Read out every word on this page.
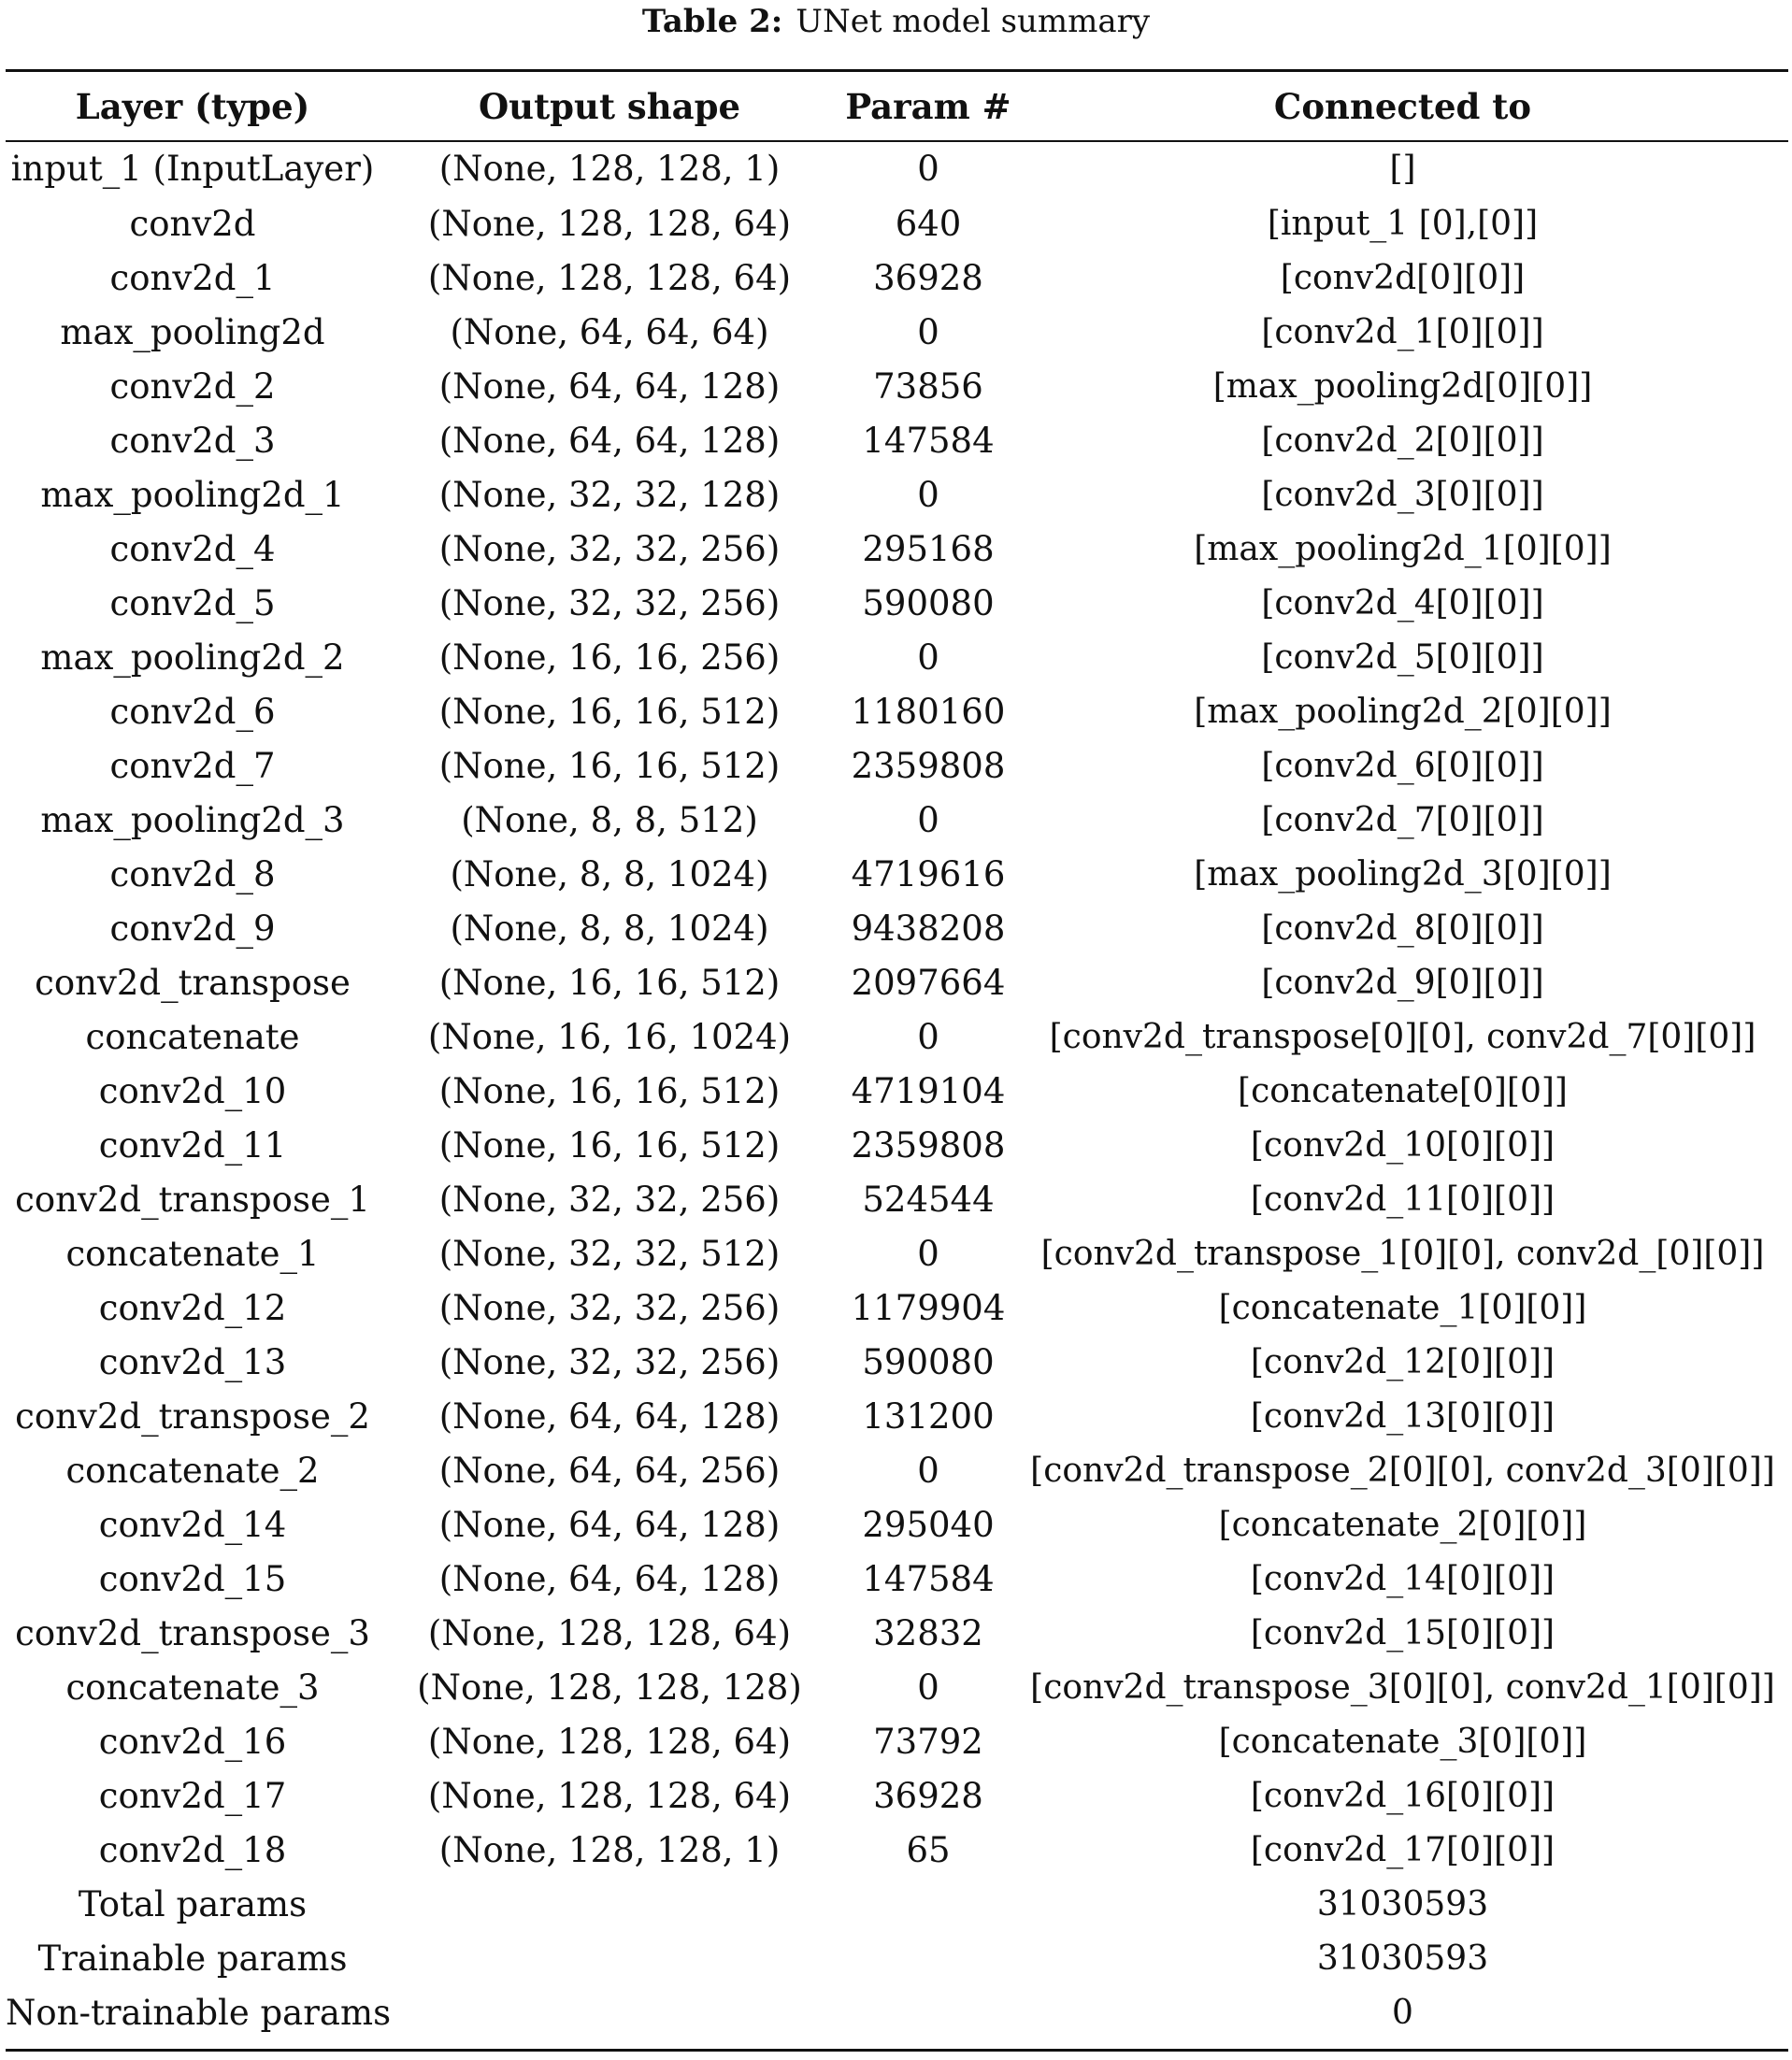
Table 2: UNet model summary
Layer (type)	Output shape	Param #	Connected to
input_1 (InputLayer)	(None, 128, 128, 1)	0	[]
conv2d	(None, 128, 128, 64)	640	[input_1 [0],[0]]
conv2d_1	(None, 128, 128, 64)	36928	[conv2d[0][0]]
max_pooling2d	(None, 64, 64, 64)	0	[conv2d_1[0][0]]
conv2d_2	(None, 64, 64, 128)	73856	[max_pooling2d[0][0]]
conv2d_3	(None, 64, 64, 128)	147584	[conv2d_2[0][0]]
max_pooling2d_1	(None, 32, 32, 128)	0	[conv2d_3[0][0]]
conv2d_4	(None, 32, 32, 256)	295168	[max_pooling2d_1[0][0]]
conv2d_5	(None, 32, 32, 256)	590080	[conv2d_4[0][0]]
max_pooling2d_2	(None, 16, 16, 256)	0	[conv2d_5[0][0]]
conv2d_6	(None, 16, 16, 512)	1180160	[max_pooling2d_2[0][0]]
conv2d_7	(None, 16, 16, 512)	2359808	[conv2d_6[0][0]]
max_pooling2d_3	(None, 8, 8, 512)	0	[conv2d_7[0][0]]
conv2d_8	(None, 8, 8, 1024)	4719616	[max_pooling2d_3[0][0]]
conv2d_9	(None, 8, 8, 1024)	9438208	[conv2d_8[0][0]]
conv2d_transpose	(None, 16, 16, 512)	2097664	[conv2d_9[0][0]]
concatenate	(None, 16, 16, 1024)	0	[conv2d_transpose[0][0], conv2d_7[0][0]]
conv2d_10	(None, 16, 16, 512)	4719104	[concatenate[0][0]]
conv2d_11	(None, 16, 16, 512)	2359808	[conv2d_10[0][0]]
conv2d_transpose_1	(None, 32, 32, 256)	524544	[conv2d_11[0][0]]
concatenate_1	(None, 32, 32, 512)	0	[conv2d_transpose_1[0][0], conv2d_[0][0]]
conv2d_12	(None, 32, 32, 256)	1179904	[concatenate_1[0][0]]
conv2d_13	(None, 32, 32, 256)	590080	[conv2d_12[0][0]]
conv2d_transpose_2	(None, 64, 64, 128)	131200	[conv2d_13[0][0]]
concatenate_2	(None, 64, 64, 256)	0	[conv2d_transpose_2[0][0], conv2d_3[0][0]]
conv2d_14	(None, 64, 64, 128)	295040	[concatenate_2[0][0]]
conv2d_15	(None, 64, 64, 128)	147584	[conv2d_14[0][0]]
conv2d_transpose_3	(None, 128, 128, 64)	32832	[conv2d_15[0][0]]
concatenate_3	(None, 128, 128, 128)	0	[conv2d_transpose_3[0][0], conv2d_1[0][0]]
conv2d_16	(None, 128, 128, 64)	73792	[concatenate_3[0][0]]
conv2d_17	(None, 128, 128, 64)	36928	[conv2d_16[0][0]]
conv2d_18	(None, 128, 128, 1)	65	[conv2d_17[0][0]]
Total params			31030593
Trainable params			31030593
Non-trainable params			0
